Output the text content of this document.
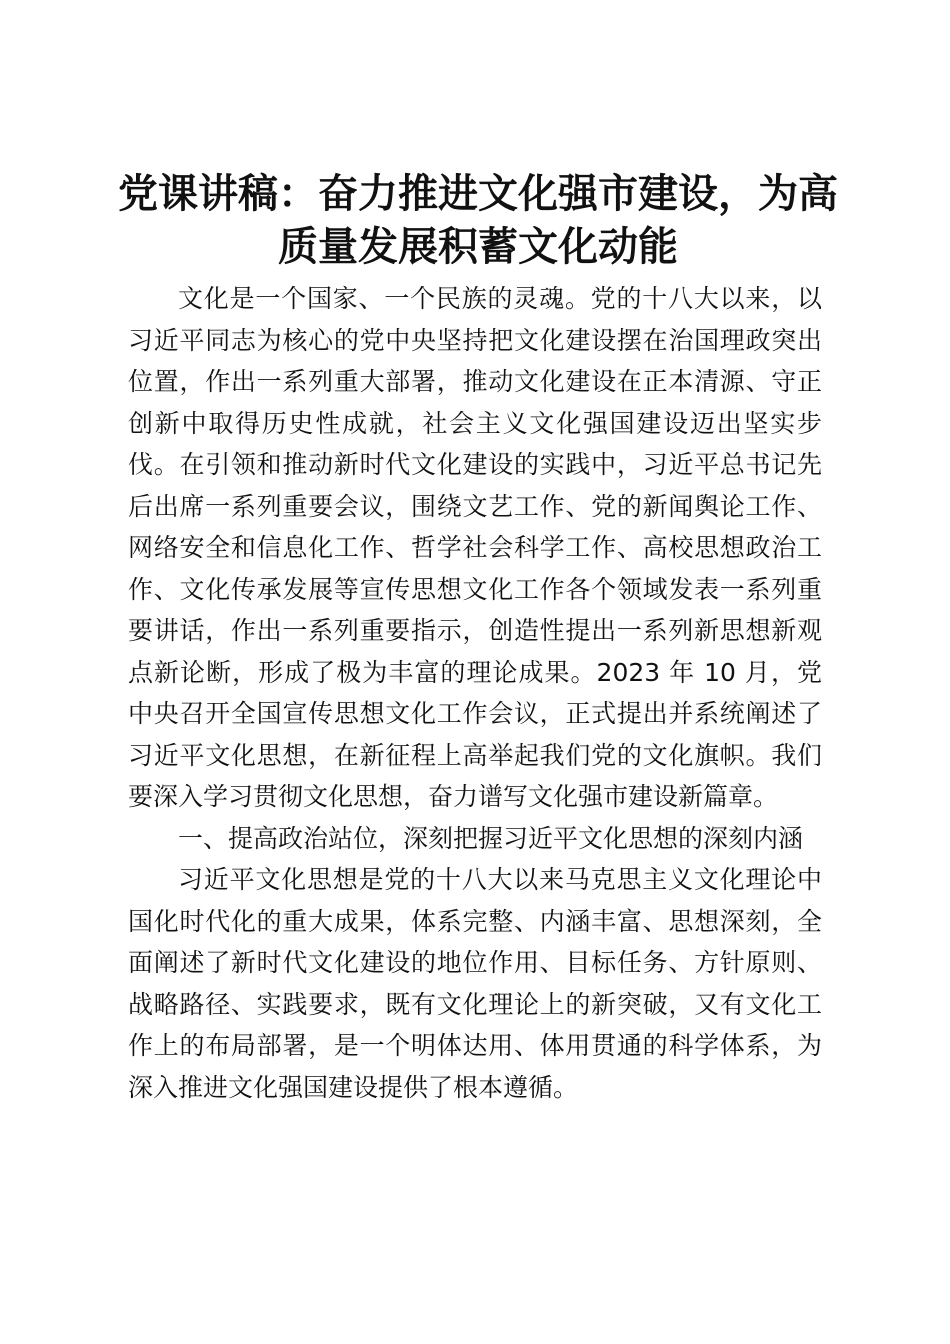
党课讲稿：奋力推进文化强市建设，为高质量发展积蓄文化动能

文化是一个国家、一个民族的灵魂。党的十八大以来，以习近平同志为核心的党中央坚持把文化建设摆在治国理政突出位置，作出一系列重大部署，推动文化建设在正本清源、守正创新中取得历史性成就，社会主义文化强国建设迈出坚实步伐。在引领和推动新时代文化建设的实践中，习近平总书记先后出席一系列重要会议，围绕文艺工作、党的新闻舆论工作、网络安全和信息化工作、哲学社会科学工作、高校思想政治工作、文化传承发展等宣传思想文化工作各个领域发表一系列重要讲话，作出一系列重要指示，创造性提出一系列新思想新观点新论断，形成了极为丰富的理论成果。2023 年 10 月，党中央召开全国宣传思想文化工作会议，正式提出并系统阐述了习近平文化思想，在新征程上高举起我们党的文化旗帜。我们要深入学习贯彻文化思想，奋力谱写文化强市建设新篇章。

一、提高政治站位，深刻把握习近平文化思想的深刻内涵

习近平文化思想是党的十八大以来马克思主义文化理论中国化时代化的重大成果，体系完整、内涵丰富、思想深刻，全面阐述了新时代文化建设的地位作用、目标任务、方针原则、战略路径、实践要求，既有文化理论上的新突破，又有文化工作上的布局部署，是一个明体达用、体用贯通的科学体系，为深入推进文化强国建设提供了根本遵循。
